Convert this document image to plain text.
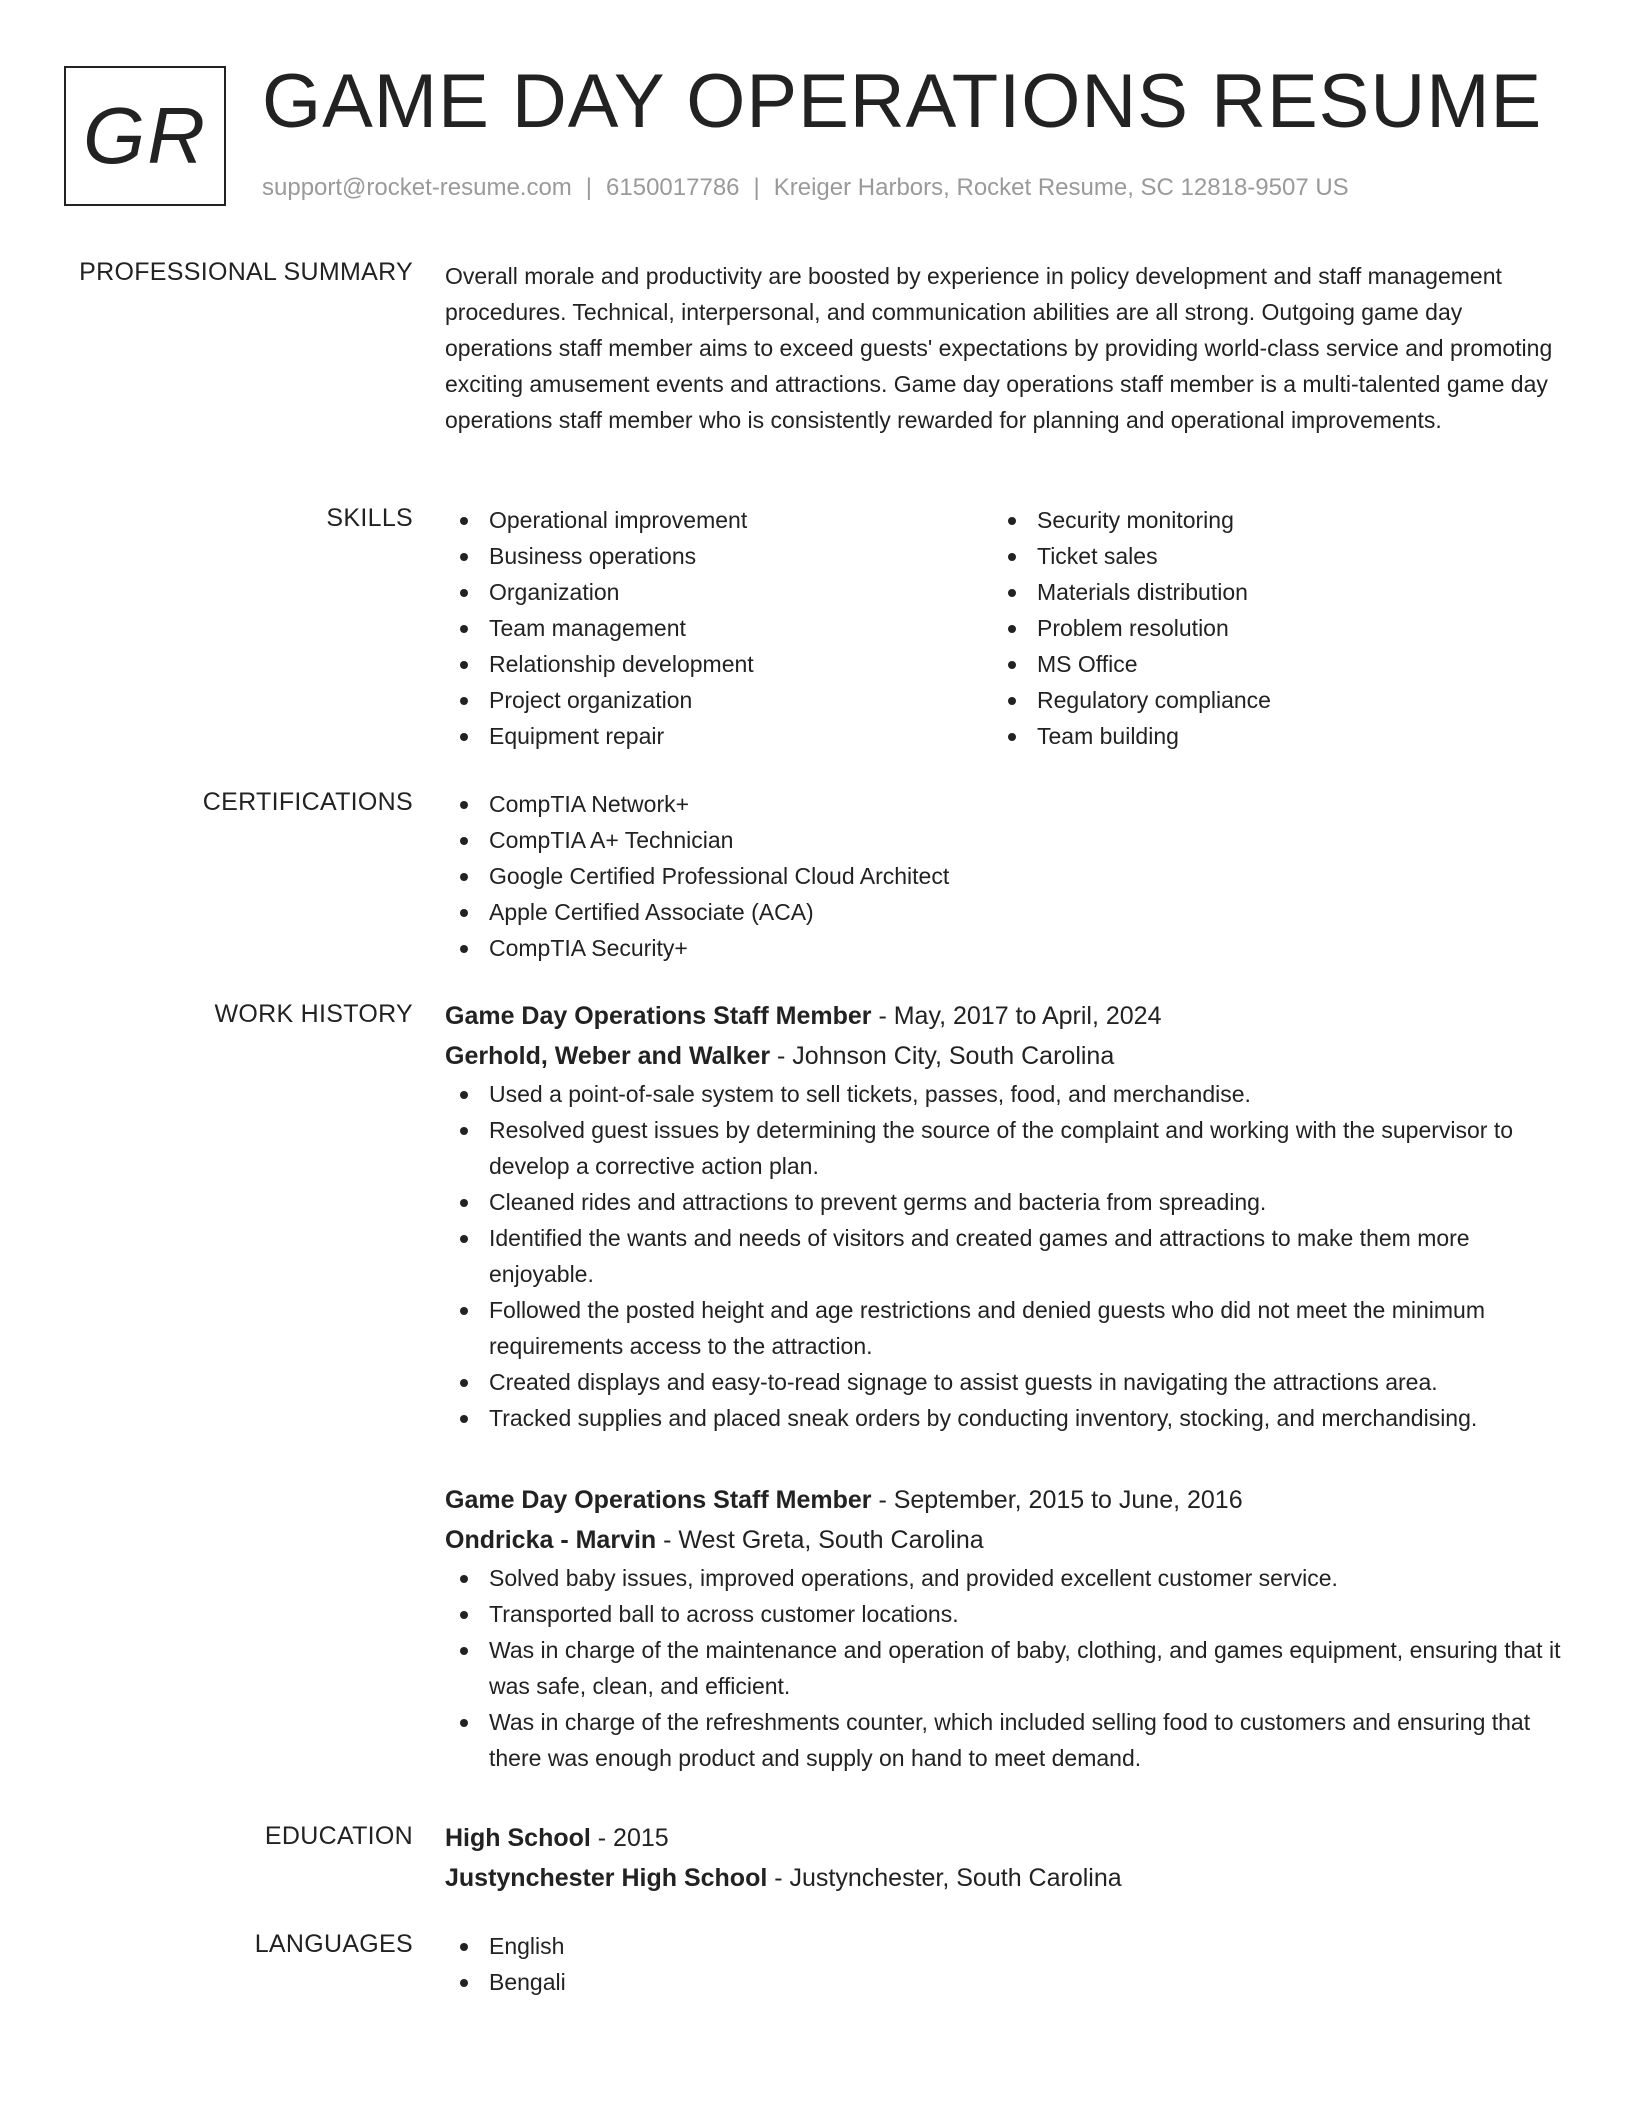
GR GAME DAY OPERATIONS RESUME
support@rocket-resume.com | 6150017786 | Kreiger Harbors, Rocket Resume, SC 12818-9507 US
PROFESSIONAL SUMMARY Overall morale and productivity are boosted by experience in policy development and staff management procedures. Technical, interpersonal, and communication abilities are all strong. Outgoing game day operations staff member aims to exceed guests' expectations by providing world-class service and promoting exciting amusement events and attractions. Game day operations staff member is a multi-talented game day operations staff member who is consistently rewarded for planning and operational improvements.
SKILLS	Operational improvement
Business operations
Organization
Team management
Relationship development
Project organization
Equipment repair
Security monitoring
Ticket sales
Materials distribution
Problem resolution
MS Office
Regulatory compliance
Team building
CERTIFICATIONS	CompTIA Network+
CompTIA A+ Technician
Google Certified Professional Cloud Architect
Apple Certified Associate (ACA)
CompTIA Security+
WORK HISTORY Game Day Operations Staff Member - May, 2017 to April, 2024
Gerhold, Weber and Walker - Johnson City, South Carolina
Used a point-of-sale system to sell tickets, passes, food, and merchandise.
Resolved guest issues by determining the source of the complaint and working with the supervisor to develop a corrective action plan.
Cleaned rides and attractions to prevent germs and bacteria from spreading.
Identified the wants and needs of visitors and created games and attractions to make them more enjoyable.
Followed the posted height and age restrictions and denied guests who did not meet the minimum requirements access to the attraction.
Created displays and easy-to-read signage to assist guests in navigating the attractions area.
Tracked supplies and placed sneak orders by conducting inventory, stocking, and merchandising.
Game Day Operations Staff Member - September, 2015 to June, 2016
Ondricka - Marvin - West Greta, South Carolina
Solved baby issues, improved operations, and provided excellent customer service.
Transported ball to across customer locations.
Was in charge of the maintenance and operation of baby, clothing, and games equipment, ensuring that it was safe, clean, and efficient.
Was in charge of the refreshments counter, which included selling food to customers and ensuring that there was enough product and supply on hand to meet demand.
EDUCATION High School - 2015
Justynchester High School - Justynchester, South Carolina
LANGUAGES	English
Bengali
